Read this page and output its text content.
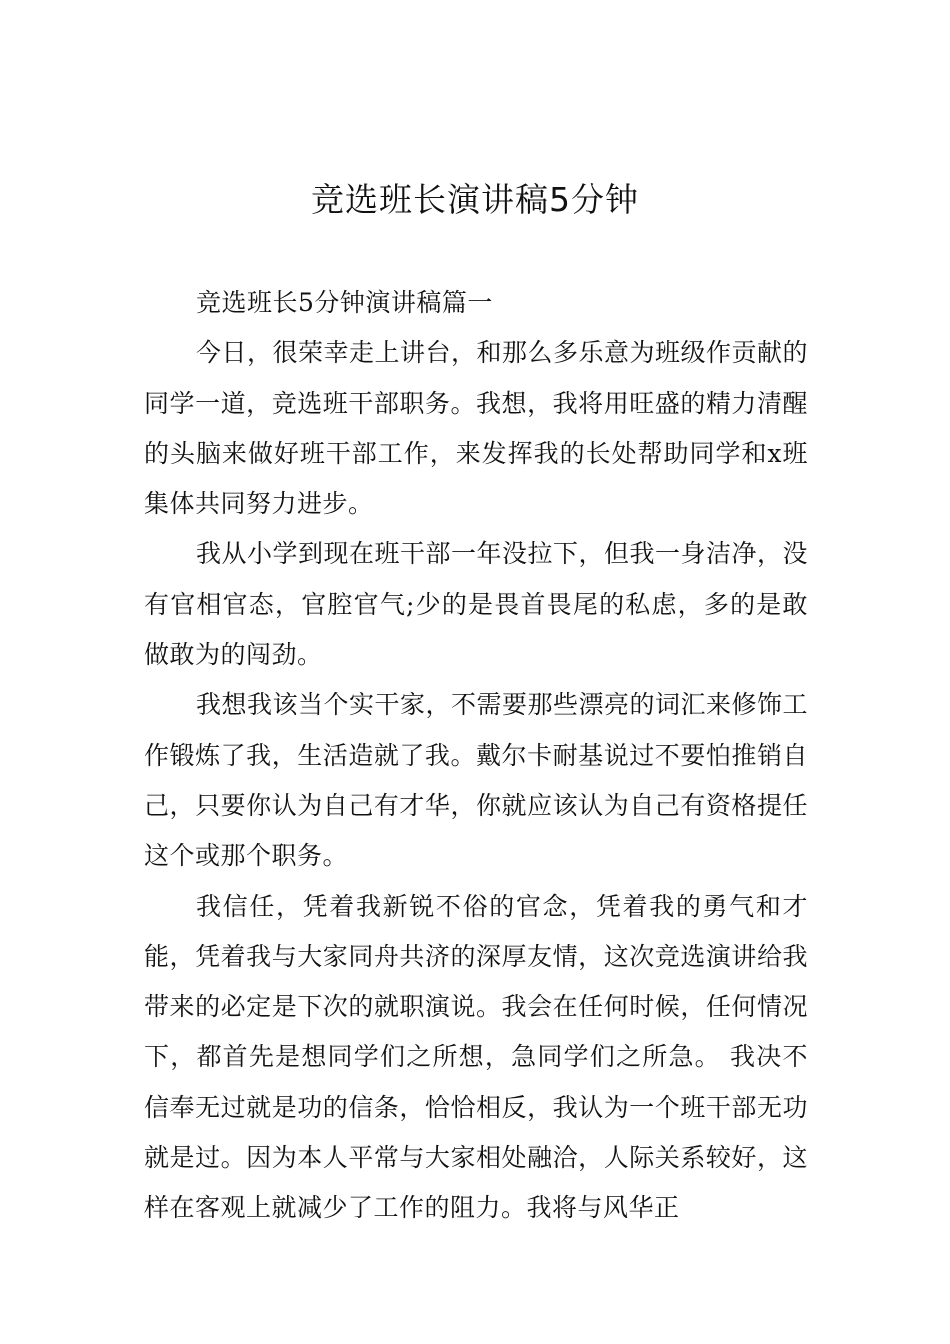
竞选班长演讲稿5分钟

竞选班长5分钟演讲稿篇一

今日，很荣幸走上讲台，和那么多乐意为班级作贡献的同学一道，竞选班干部职务。我想，我将用旺盛的精力清醒的头脑来做好班干部工作，来发挥我的长处帮助同学和x班集体共同努力进步。

我从小学到现在班干部一年没拉下，但我一身洁净，没有官相官态，官腔官气;少的是畏首畏尾的私虑，多的是敢做敢为的闯劲。

我想我该当个实干家，不需要那些漂亮的词汇来修饰工作锻炼了我，生活造就了我。戴尔卡耐基说过不要怕推销自己，只要你认为自己有才华，你就应该认为自己有资格提任这个或那个职务。

我信任，凭着我新锐不俗的官念，凭着我的勇气和才能，凭着我与大家同舟共济的深厚友情，这次竞选演讲给我带来的必定是下次的就职演说。我会在任何时候，任何情况下，都首先是想同学们之所想，急同学们之所急。 我决不信奉无过就是功的信条，恰恰相反，我认为一个班干部无功就是过。因为本人平常与大家相处融洽，人际关系较好，这样在客观上就减少了工作的阻力。我将与风华正
